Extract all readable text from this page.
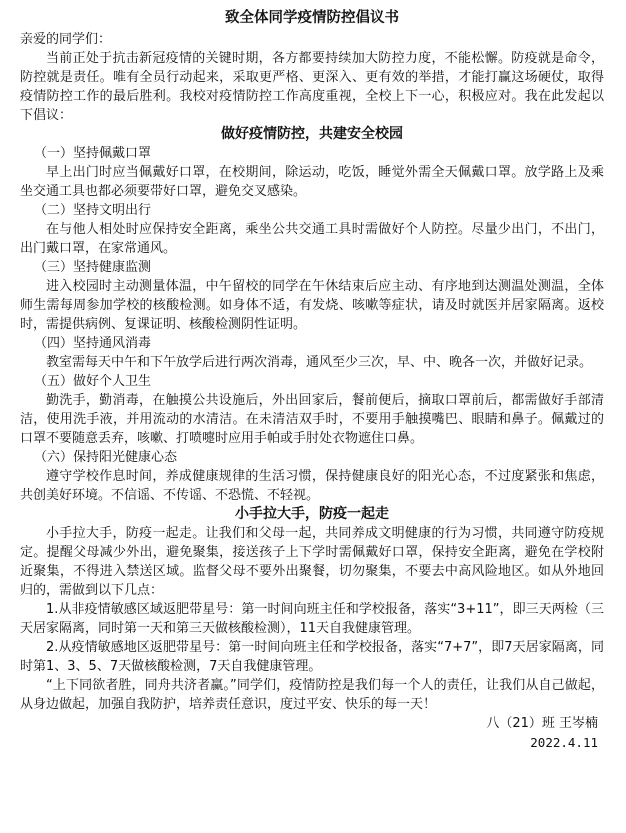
致全体同学疫情防控倡议书

亲爱的同学们：

当前正处于抗击新冠疫情的关键时期，各方都要持续加大防控力度，不能松懈。防疫就是命令，防控就是责任。唯有全员行动起来，采取更严格、更深入、更有效的举措，才能打赢这场硬仗，取得疫情防控工作的最后胜利。我校对疫情防控工作高度重视，全校上下一心，积极应对。我在此发起以下倡议：

做好疫情防控，共建安全校园

（一）坚持佩戴口罩

早上出门时应当佩戴好口罩，在校期间，除运动，吃饭，睡觉外需全天佩戴口罩。放学路上及乘坐交通工具也都必须要带好口罩，避免交叉感染。

（二）坚持文明出行

在与他人相处时应保持安全距离，乘坐公共交通工具时需做好个人防控。尽量少出门，不出门，出门戴口罩，在家常通风。

（三）坚持健康监测

进入校园时主动测量体温，中午留校的同学在午休结束后应主动、有序地到达测温处测温，全体师生需每周参加学校的核酸检测。如身体不适，有发烧、咳嗽等症状，请及时就医并居家隔离。返校时，需提供病例、复课证明、核酸检测阴性证明。

（四）坚持通风消毒

教室需每天中午和下午放学后进行两次消毒，通风至少三次，早、中、晚各一次，并做好记录。

（五）做好个人卫生

勤洗手，勤消毒，在触摸公共设施后，外出回家后，餐前便后，摘取口罩前后，都需做好手部清洁，使用洗手液，并用流动的水清洁。在未清洁双手时，不要用手触摸嘴巴、眼睛和鼻子。佩戴过的口罩不要随意丢弃，咳嗽、打喷嚏时应用手帕或手肘处衣物遮住口鼻。

（六）保持阳光健康心态

遵守学校作息时间，养成健康规律的生活习惯，保持健康良好的阳光心态，不过度紧张和焦虑，共创美好环境。不信谣、不传谣、不恐慌、不轻视。

小手拉大手，防疫一起走

小手拉大手，防疫一起走。让我们和父母一起，共同养成文明健康的行为习惯，共同遵守防疫规定。提醒父母减少外出，避免聚集，接送孩子上下学时需佩戴好口罩，保持安全距离，避免在学校附近聚集，不得进入禁送区域。监督父母不要外出聚餐，切勿聚集，不要去中高风险地区。如从外地回归的，需做到以下几点：

1.从非疫情敏感区域返肥带星号：第一时间向班主任和学校报备，落实“3+11”，即三天两检（三天居家隔离，同时第一天和第三天做核酸检测），11天自我健康管理。

2.从疫情敏感地区返肥带星号：第一时间向班主任和学校报备，落实“7+7”，即7天居家隔离，同时第1、3、5、7天做核酸检测，7天自我健康管理。

“上下同欲者胜，同舟共济者赢。”同学们，疫情防控是我们每一个人的责任，让我们从自己做起，从身边做起，加强自我防护，培养责任意识，度过平安、快乐的每一天！

八（21）班 王岑楠

2022.4.11
